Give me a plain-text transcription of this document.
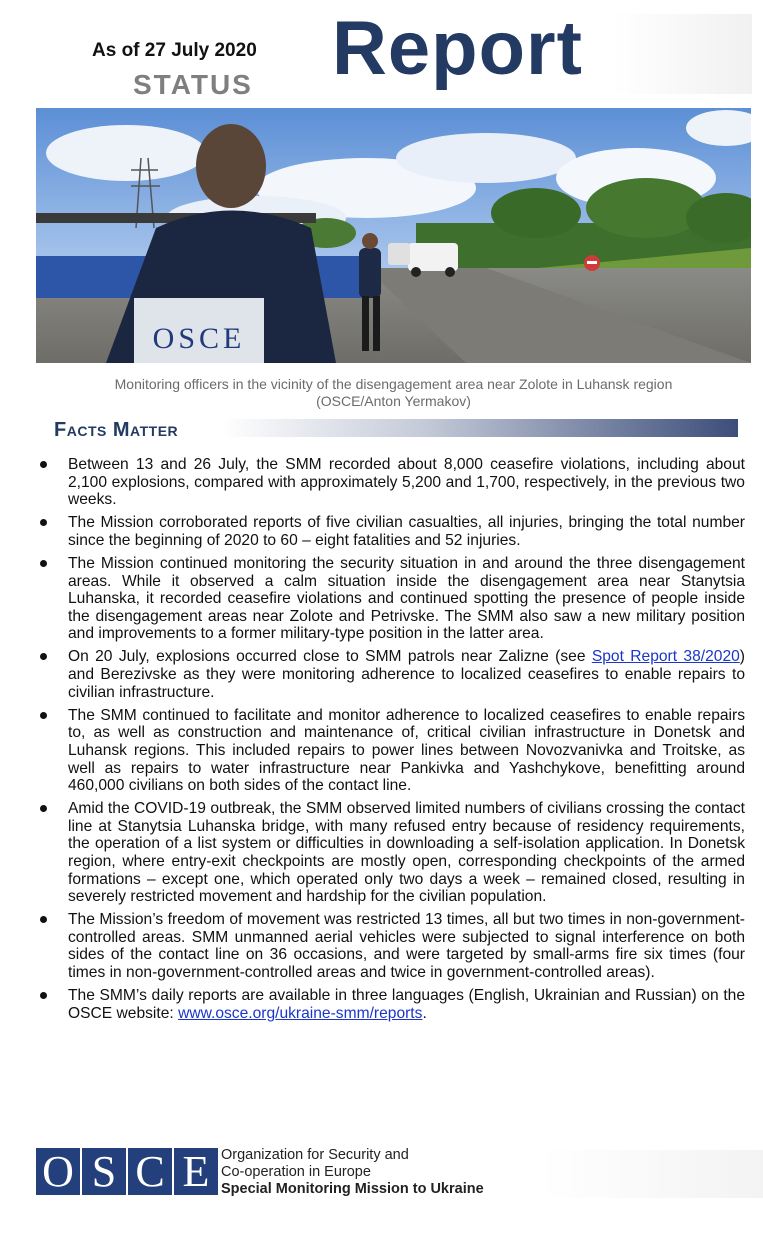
As of 27 July 2020
STATUS Report
OSCE
Monitoring officers in the vicinity of the disengagement area near Zolote in Luhansk region
(OSCE/Anton Yermakov)
Facts Matter
Between 13 and 26 July, the SMM recorded about 8,000 ceasefire violations, including about 2,100 explosions, compared with approximately 5,200 and 1,700, respectively, in the previous two weeks.
The Mission corroborated reports of five civilian casualties, all injuries, bringing the total number since the beginning of 2020 to 60 – eight fatalities and 52 injuries.
The Mission continued monitoring the security situation in and around the three disengagement areas. While it observed a calm situation inside the disengagement area near Stanytsia Luhanska, it recorded ceasefire violations and continued spotting the presence of people inside the disengagement areas near Zolote and Petrivske. The SMM also saw a new military position and improvements to a former military-type position in the latter area.
On 20 July, explosions occurred close to SMM patrols near Zalizne (see Spot Report 38/2020) and Berezivske as they were monitoring adherence to localized ceasefires to enable repairs to civilian infrastructure.
The SMM continued to facilitate and monitor adherence to localized ceasefires to enable repairs to, as well as construction and maintenance of, critical civilian infrastructure in Donetsk and Luhansk regions. This included repairs to power lines between Novozvanivka and Troitske, as well as repairs to water infrastructure near Pankivka and Yashchykove, benefitting around 460,000 civilians on both sides of the contact line.
Amid the COVID-19 outbreak, the SMM observed limited numbers of civilians crossing the contact line at Stanytsia Luhanska bridge, with many refused entry because of residency requirements, the operation of a list system or difficulties in downloading a self-isolation application. In Donetsk region, where entry-exit checkpoints are mostly open, corresponding checkpoints of the armed formations – except one, which operated only two days a week – remained closed, resulting in severely restricted movement and hardship for the civilian population.
The Mission’s freedom of movement was restricted 13 times, all but two times in non-government-controlled areas. SMM unmanned aerial vehicles were subjected to signal interference on both sides of the contact line on 36 occasions, and were targeted by small-arms fire six times (four times in non-government-controlled areas and twice in government-controlled areas).
The SMM’s daily reports are available in three languages (English, Ukrainian and Russian) on the OSCE website: www.osce.org/ukraine-smm/reports.
O S C E Organization for Security and
Co-operation in Europe
Special Monitoring Mission to Ukraine
